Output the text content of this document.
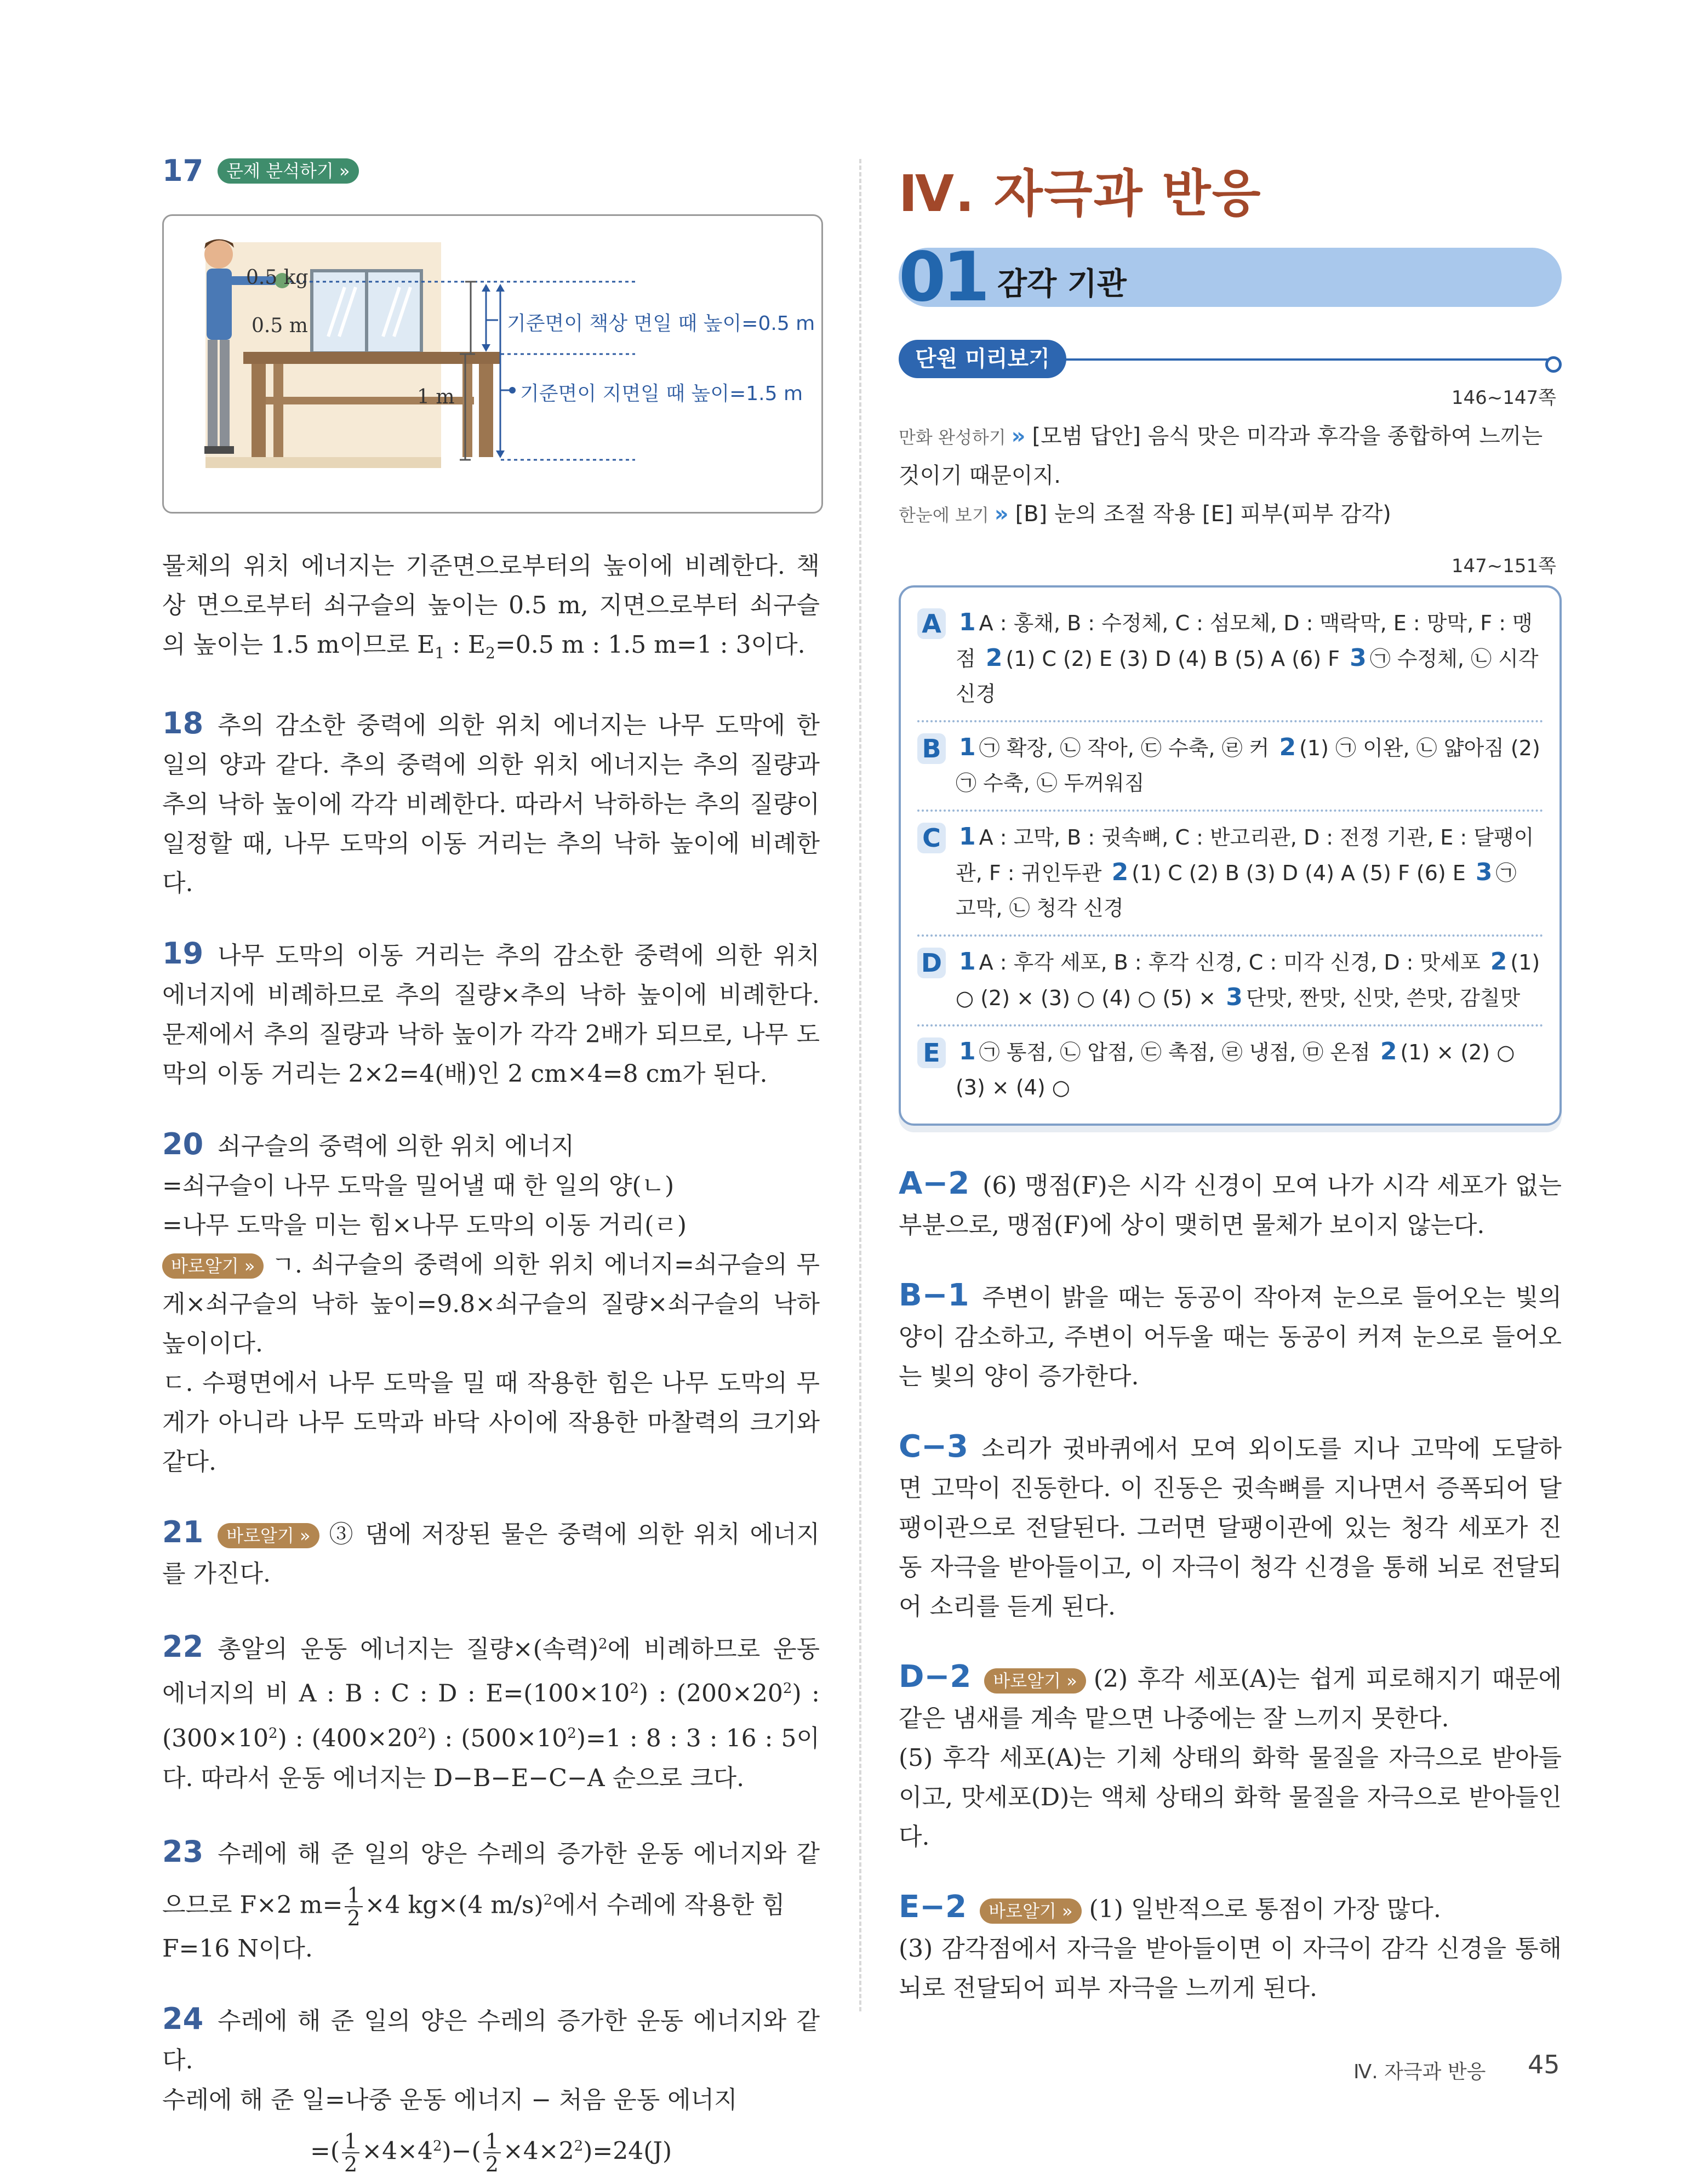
17	문제 분석하기 »
0.5 kg
0.5 m
1 m
기준면이 책상 면일 때 높이=0.5 m
기준면이 지면일 때 높이=1.5 m

물체의 위치 에너지는 기준면으로부터의 높이에 비례한다. 책상 면으로부터 쇠구슬의 높이는 0.5 m, 지면으로부터 쇠구슬의 높이는 1.5 m이므로 $E_1$ : $E_2=0.5$ m : 1.5 m=1 : 3이다.

18 추의 감소한 중력에 의한 위치 에너지는 나무 도막에 한 일의 양과 같다. 추의 중력에 의한 위치 에너지는 추의 질량과 추의 낙하 높이에 각각 비례한다. 따라서 낙하하는 추의 질량이 일정할 때, 나무 도막의 이동 거리는 추의 낙하 높이에 비례한다.

19 나무 도막의 이동 거리는 추의 감소한 중력에 의한 위치 에너지에 비례하므로 추의 질량×추의 낙하 높이에 비례한다. 문제에서 추의 질량과 낙하 높이가 각각 2배가 되므로, 나무 도막의 이동 거리는 2×2=4(배)인 2 cm×4=8 cm가 된다.

20 쇠구슬의 중력에 의한 위치 에너지

=쇠구슬이 나무 도막을 밀어낼 때 한 일의 양(ㄴ)

=나무 도막을 미는 힘×나무 도막의 이동 거리(ㄹ)

바로알기 » ㄱ. 쇠구슬의 중력에 의한 위치 에너지=쇠구슬의 무게×쇠구슬의 낙하 높이=9.8×쇠구슬의 질량×쇠구슬의 낙하 높이이다.

ㄷ. 수평면에서 나무 도막을 밀 때 작용한 힘은 나무 도막의 무게가 아니라 나무 도막과 바닥 사이에 작용한 마찰력의 크기와 같다.

21 바로알기 » ③ 댐에 저장된 물은 중력에 의한 위치 에너지를 가진다.

22 총알의 운동 에너지는 질량×(속력)$^2$에 비례하므로 운동 에너지의 비 A : B : C : D : $E=(100\times 10^2)$ : $(200\times 20^2)$ : $(300\times 10^2)$ : $(400\times 20^2)$ : $(500\times 10^2)=1$ : 8 : 3 : 16 : 5이다. 따라서 운동 에너지는 D−B−E−C−A 순으로 크다.

23 수레에 해 준 일의 양은 수레의 증가한 운동 에너지와 같으므로 F×2 $m= \frac{1}{2} \times 4$ kg×(4 m/s)$^2$에서 수레에 작용한 힘

F=16 N이다.

24 수레에 해 준 일의 양은 수레의 증가한 운동 에너지와 같다.

수레에 해 준 일=나중 운동 에너지 − 처음 운동 에너지

=( $\frac{1}{2} \times 4\times 4^2)-( \frac{1}{2} \times 4\times 2^2)=24(J)$

Ⅳ. 자극과 반응
01 감각 기관
단원 미리보기
146~147쪽

만화 완성하기 » [모범 답안] 음식 맛은 미각과 후각을 종합하여 느끼는 것이기 때문이지.

한눈에 보기 » [B] 눈의 조절 작용 [E] 피부(피부 감각)

147~151쪽
A 1 A : 홍채, B : 수정체, C : 섬모체, D : 맥락막, E : 망막, F : 맹점 2 (1) C (2) E (3) D (4) B (5) A (6) F 3 ㉠ 수정체, ㉡ 시각 신경
B 1 ㉠ 확장, ㉡ 작아, ㉢ 수축, ㉣ 커 2 (1) ㉠ 이완, ㉡ 얇아짐 (2) ㉠ 수축, ㉡ 두꺼워짐
C 1 A : 고막, B : 귓속뼈, C : 반고리관, D : 전정 기관, E : 달팽이관, F : 귀인두관 2 (1) C (2) B (3) D (4) A (5) F (6) E 3 ㉠ 고막, ㉡ 청각 신경
D 1 A : 후각 세포, B : 후각 신경, C : 미각 신경, D : 맛세포 2 (1) ○ (2) × (3) ○ (4) ○ (5) × 3 단맛, 짠맛, 신맛, 쓴맛, 감칠맛
E 1 ㉠ 통점, ㉡ 압점, ㉢ 촉점, ㉣ 냉점, ㉤ 온점 2 (1) × (2) ○ (3) × (4) ○

A−2 (6) 맹점(F)은 시각 신경이 모여 나가 시각 세포가 없는 부분으로, 맹점(F)에 상이 맺히면 물체가 보이지 않는다.

B−1 주변이 밝을 때는 동공이 작아져 눈으로 들어오는 빛의 양이 감소하고, 주변이 어두울 때는 동공이 커져 눈으로 들어오는 빛의 양이 증가한다.

C−3 소리가 귓바퀴에서 모여 외이도를 지나 고막에 도달하면 고막이 진동한다. 이 진동은 귓속뼈를 지나면서 증폭되어 달팽이관으로 전달된다. 그러면 달팽이관에 있는 청각 세포가 진동 자극을 받아들이고, 이 자극이 청각 신경을 통해 뇌로 전달되어 소리를 듣게 된다.

D−2 바로알기 » (2) 후각 세포(A)는 쉽게 피로해지기 때문에 같은 냄새를 계속 맡으면 나중에는 잘 느끼지 못한다.

(5) 후각 세포(A)는 기체 상태의 화학 물질을 자극으로 받아들이고, 맛세포(D)는 액체 상태의 화학 물질을 자극으로 받아들인다.

E−2 바로알기 » (1) 일반적으로 통점이 가장 많다.

(3) 감각점에서 자극을 받아들이면 이 자극이 감각 신경을 통해 뇌로 전달되어 피부 자극을 느끼게 된다.

Ⅳ. 자극과 반응 45
